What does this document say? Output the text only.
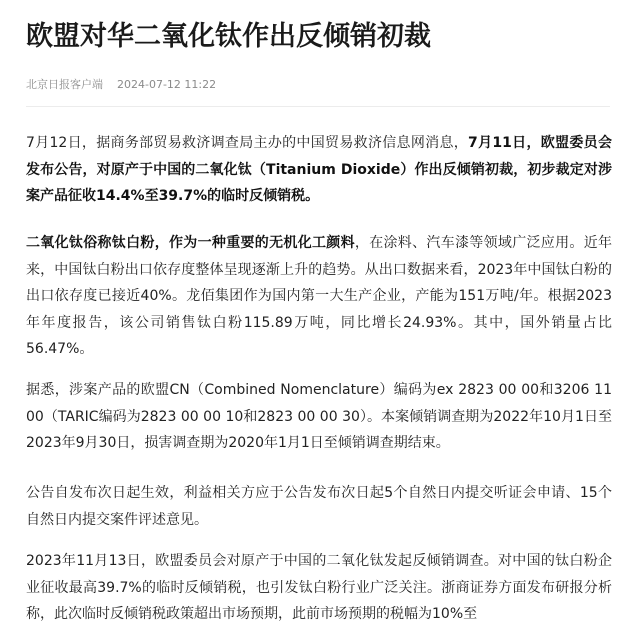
欧盟对华二氧化钛作出反倾销初裁
北京日报客户端 2024-07-12 11:22

7月12日，据商务部贸易救济调查局主办的中国贸易救济信息网消息，7月11日，欧盟委员会发布公告，对原产于中国的二氧化钛（Titanium Dioxide）作出反倾销初裁，初步裁定对涉案产品征收14.4%至39.7%的临时反倾销税。

二氧化钛俗称钛白粉，作为一种重要的无机化工颜料，在涂料、汽车漆等领域广泛应用。近年来，中国钛白粉出口依存度整体呈现逐渐上升的趋势。从出口数据来看，2023年中国钛白粉的出口依存度已接近40%。龙佰集团作为国内第一大生产企业，产能为151万吨/年。根据2023年年度报告，该公司销售钛白粉115.89万吨，同比增长24.93%。其中，国外销量占比56.47%。

据悉，涉案产品的欧盟CN（Combined Nomenclature）编码为ex 2823 00 00和3206 11 00（TARIC编码为2823 00 00 10和2823 00 00 30）。本案倾销调查期为2022年10月1日至2023年9月30日，损害调查期为2020年1月1日至倾销调查期结束。

公告自发布次日起生效，利益相关方应于公告发布次日起5个自然日内提交听证会申请、15个自然日内提交案件评述意见。

2023年11月13日，欧盟委员会对原产于中国的二氧化钛发起反倾销调查。对中国的钛白粉企业征收最高39.7%的临时反倾销税，也引发钛白粉行业广泛关注。浙商证券方面发布研报分析称，此次临时反倾销税政策超出市场预期，此前市场预期的税幅为10%至
